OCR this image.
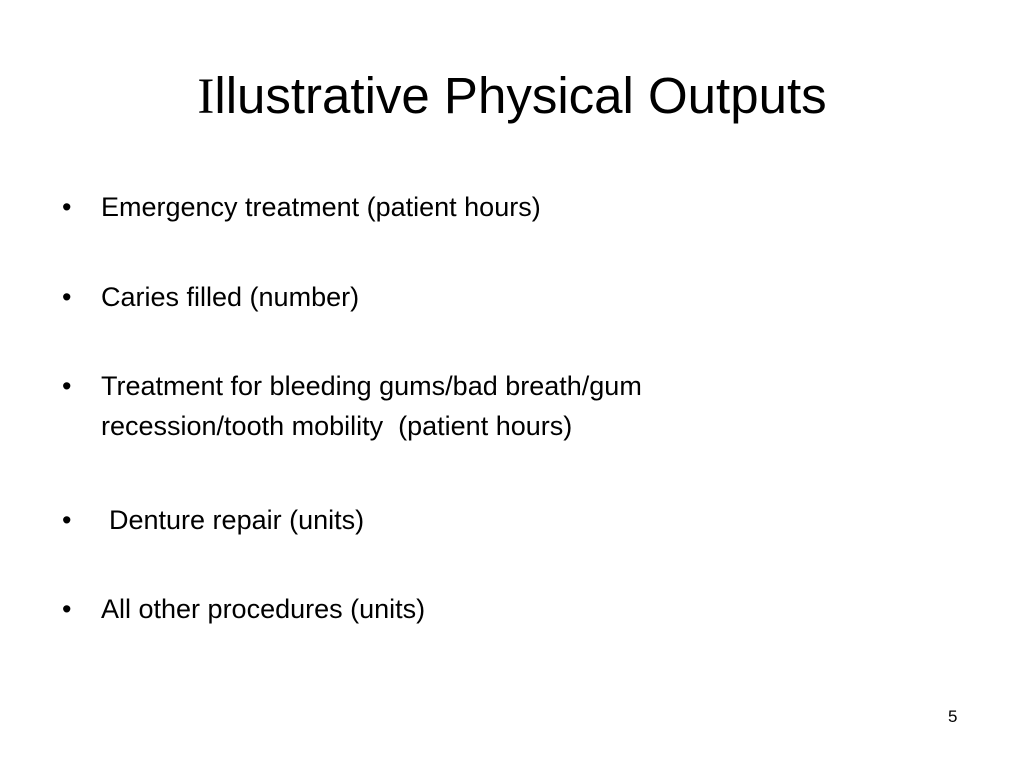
Illustrative Physical Outputs
• Emergency treatment (patient hours)
• Caries filled (number)
• Treatment for bleeding gums/bad breath/gum
recession/tooth mobility  (patient hours)
• Denture repair (units)
• All other procedures (units)
5
